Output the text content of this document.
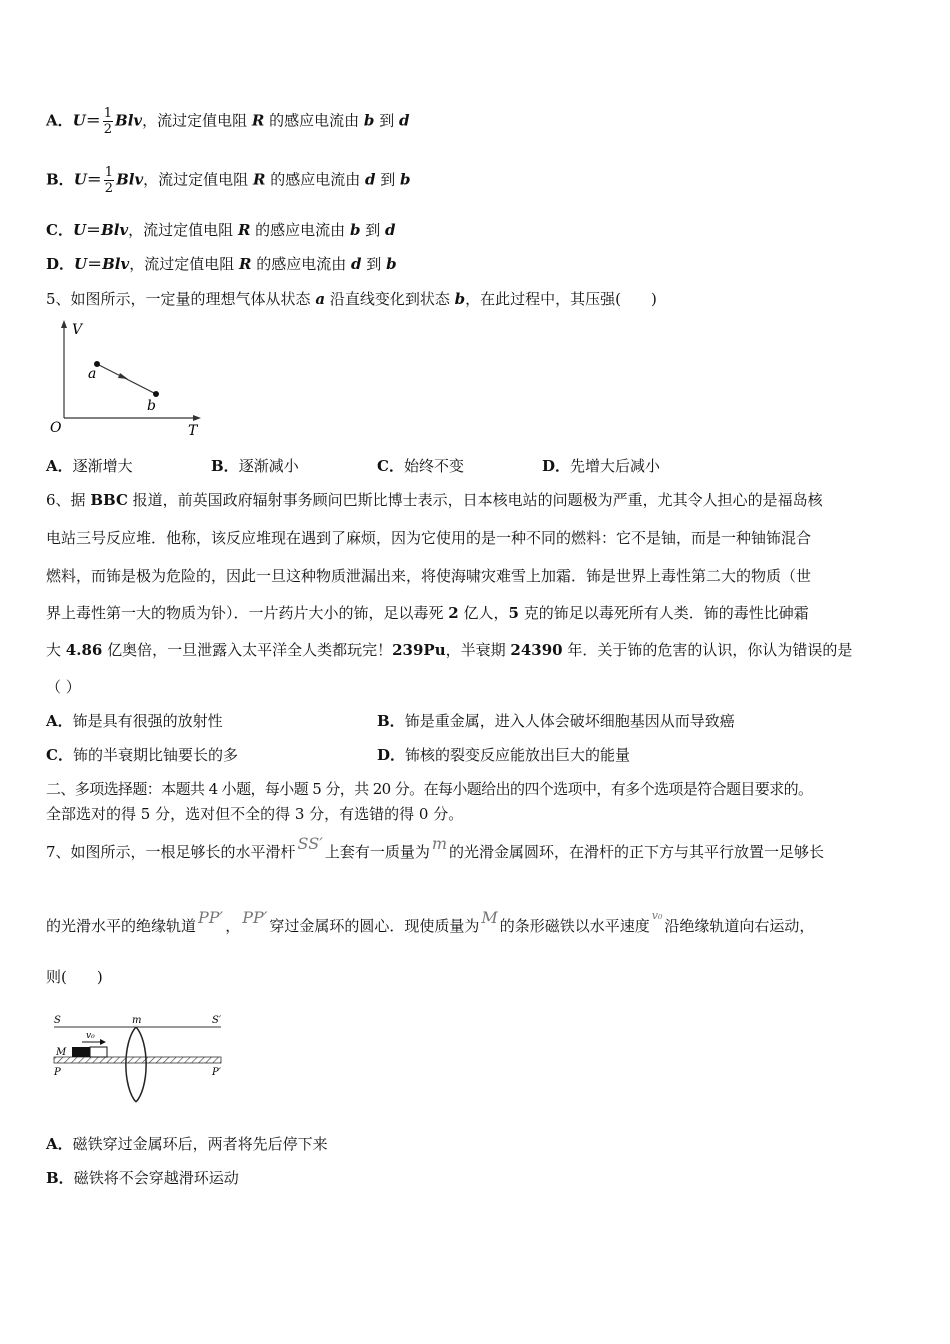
A．$U= \frac{1}{2}$ Blv，流过定值电阻 R 的感应电流由 b 到 d
B．$U= \frac{1}{2}$ Blv，流过定值电阻 R 的感应电流由 d 到 b
C．U＝Blv，流过定值电阻 R 的感应电流由 b 到 d
D．U＝Blv，流过定值电阻 R 的感应电流由 d 到 b
5、如图所示，一定量的理想气体从状态 a 沿直线变化到状态 b，在此过程中，其压强(　　)
V
T
O
a
b
A．逐渐增大	B．逐渐减小	C．始终不变	D．先增大后减小
6、据 BBC 报道，前英国政府辐射事务顾问巴斯比博士表示，日本核电站的问题极为严重，尤其令人担心的是福岛核
电站三号反应堆．他称，该反应堆现在遇到了麻烦，因为它使用的是一种不同的燃料：它不是铀，而是一种铀钸混合
燃料，而钸是极为危险的，因此一旦这种物质泄漏出来，将使海啸灾难雪上加霜．钸是世界上毒性第二大的物质（世
界上毒性第一大的物质为钋）．一片药片大小的钸，足以毒死 2 亿人，5 克的钸足以毒死所有人类．钸的毒性比砷霜
大 4.86 亿奥倍，一旦泄露入太平洋全人类都玩完！239Pu，半衰期 24390 年．关于钸的危害的认识，你认为错误的是
（ ）
A．钸是具有很强的放射性	B．钸是重金属，进入人体会破坏细胞基因从而导致癌
C．钸的半衰期比铀要长的多	D．钸核的裂变反应能放出巨大的能量
二、多项选择题：本题共 4 小题，每小题 5 分，共 20 分。在每小题给出的四个选项中，有多个选项是符合题目要求的。
全部选对的得 5 分，选对但不全的得 3 分，有选错的得 0 分。
7、如图所示，一根足够长的水平滑杆 SS′ 上套有一质量为 m 的光滑金属圆环，在滑杆的正下方与其平行放置一足够长
的光滑水平的绝缘轨道 PP′ ， PP′ 穿过金属环的圆心．现使质量为 M 的条形磁铁以水平速度$^{v_0}$沿绝缘轨道向右运动，
则(　　)
S	S′
m
M
v₀
P	P′
A．磁铁穿过金属环后，两者将先后停下来
B．磁铁将不会穿越滑环运动
